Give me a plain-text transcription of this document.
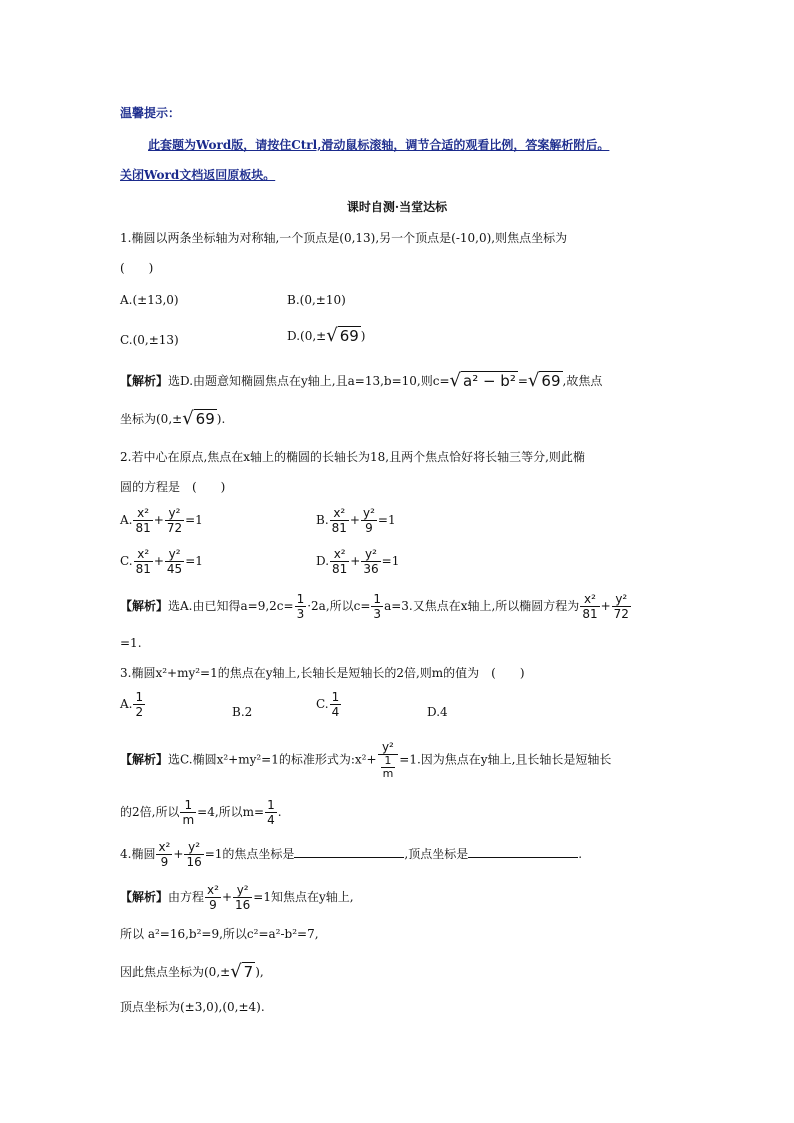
温馨提示：
此套题为Word版，请按住Ctrl,滑动鼠标滚轴，调节合适的观看比例，答案解析附后。
关闭Word文档返回原板块。
课时自测·当堂达标
1.椭圆以两条坐标轴为对称轴,一个顶点是(0,13),另一个顶点是(-10,0),则焦点坐标为
(　　)
A.(±13,0)	B.(0,±10)
C.(0,±13)	D.(0,±√ 69 )
【解析】选D.由题意知椭圆焦点在y轴上,且a=13,b=10,则c=√ a² − b² =√ 69 ,故焦点
坐标为(0,±√ 69 ).
2.若中心在原点,焦点在x轴上的椭圆的长轴长为18,且两个焦点恰好将长轴三等分,则此椭
圆的方程是　(　　)
A. $\frac{\text{x²}}{81} + \frac{\text{y²}}{72} =1$	B. $\frac{\text{x²}}{81} + \frac{\text{y²}}{9} =1$
C. $\frac{\text{x²}}{81} + \frac{\text{y²}}{45} =1$	D. $\frac{\text{x²}}{81} + \frac{\text{y²}}{36} =1$
【解析】选A.由已知得$a=9,2c= \frac{1}{3} \cdot 2a$,所以$c= \frac{1}{3} a=3$.又焦点在x轴上,所以椭圆方程为 $\frac{\text{x²}}{81} + \frac{\text{y²}}{72}$
=1.
3.椭圆x²+my²=1的焦点在y轴上,长轴长是短轴长的2倍,则m的值为　(　　)
A. $\frac{1}{2}$	B.2
C. $\frac{1}{4}$	D.4
【解析】选C.椭圆x²+my²=1的标准形式为:x²+ $\frac{\text{y²}}{\frac{1}{m}} =1$.因为焦点在y轴上,且长轴长是短轴长
的2倍,所以 $\frac{1}{m} =4$,所以$m= \frac{1}{4}$ .
4.椭圆 $\frac{\text{x²}}{9} + \frac{\text{y²}}{16} =1$的焦点坐标是	,顶点坐标是	.
【解析】由方程 $\frac{\text{x²}}{9} + \frac{\text{y²}}{16} =1$知焦点在y轴上,
所以 a²=16,b²=9,所以c²=a²-b²=7,
因此焦点坐标为(0,±√ 7 ),
顶点坐标为(±3,0),(0,±4).
